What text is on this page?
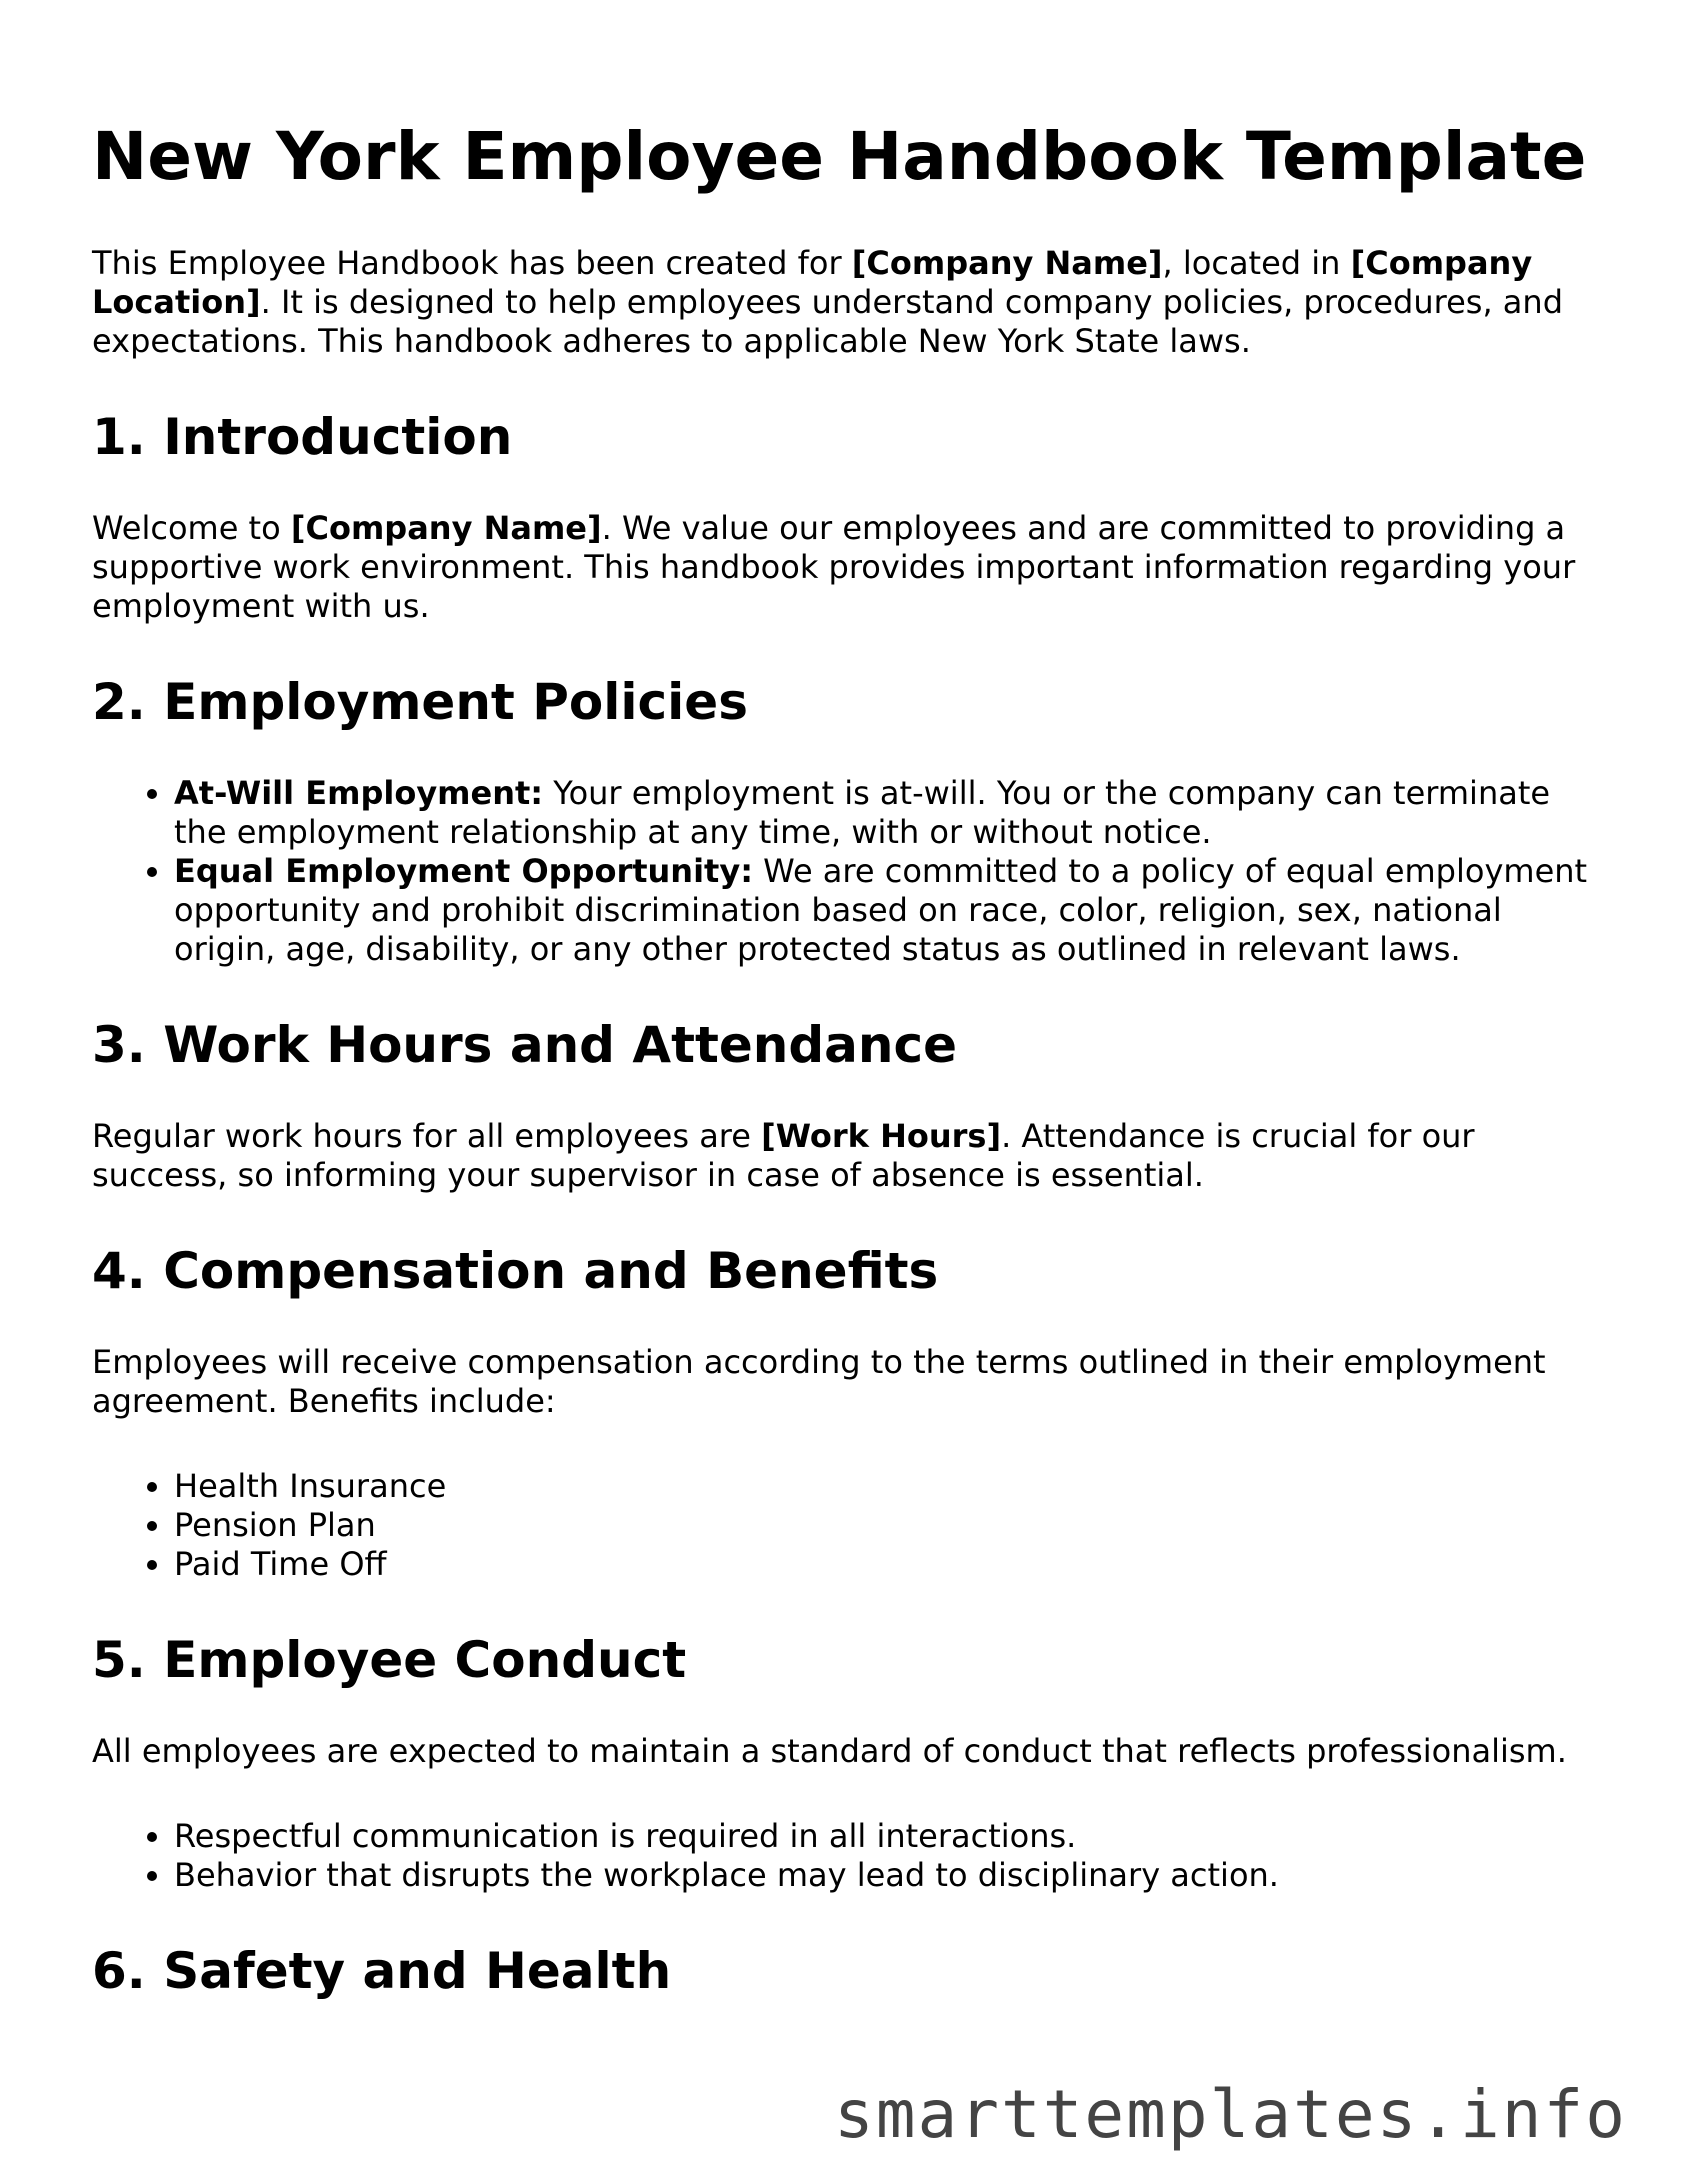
New York Employee Handbook Template

This Employee Handbook has been created for [Company Name], located in [Company Location]. It is designed to help employees understand company policies, procedures, and expectations. This handbook adheres to applicable New York State laws.

1. Introduction

Welcome to [Company Name]. We value our employees and are committed to providing a supportive work environment. This handbook provides important information regarding your employment with us.

2. Employment Policies
• At-Will Employment: Your employment is at-will. You or the company can terminate the employment relationship at any time, with or without notice.
• Equal Employment Opportunity: We are committed to a policy of equal employment opportunity and prohibit discrimination based on race, color, religion, sex, national origin, age, disability, or any other protected status as outlined in relevant laws.
3. Work Hours and Attendance

Regular work hours for all employees are [Work Hours]. Attendance is crucial for our success, so informing your supervisor in case of absence is essential.

4. Compensation and Benefits

Employees will receive compensation according to the terms outlined in their employment agreement. Benefits include:

• Health Insurance
• Pension Plan
• Paid Time Off
5. Employee Conduct

All employees are expected to maintain a standard of conduct that reflects professionalism.

• Respectful communication is required in all interactions.
• Behavior that disrupts the workplace may lead to disciplinary action.
6. Safety and Health
smarttemplates.info
